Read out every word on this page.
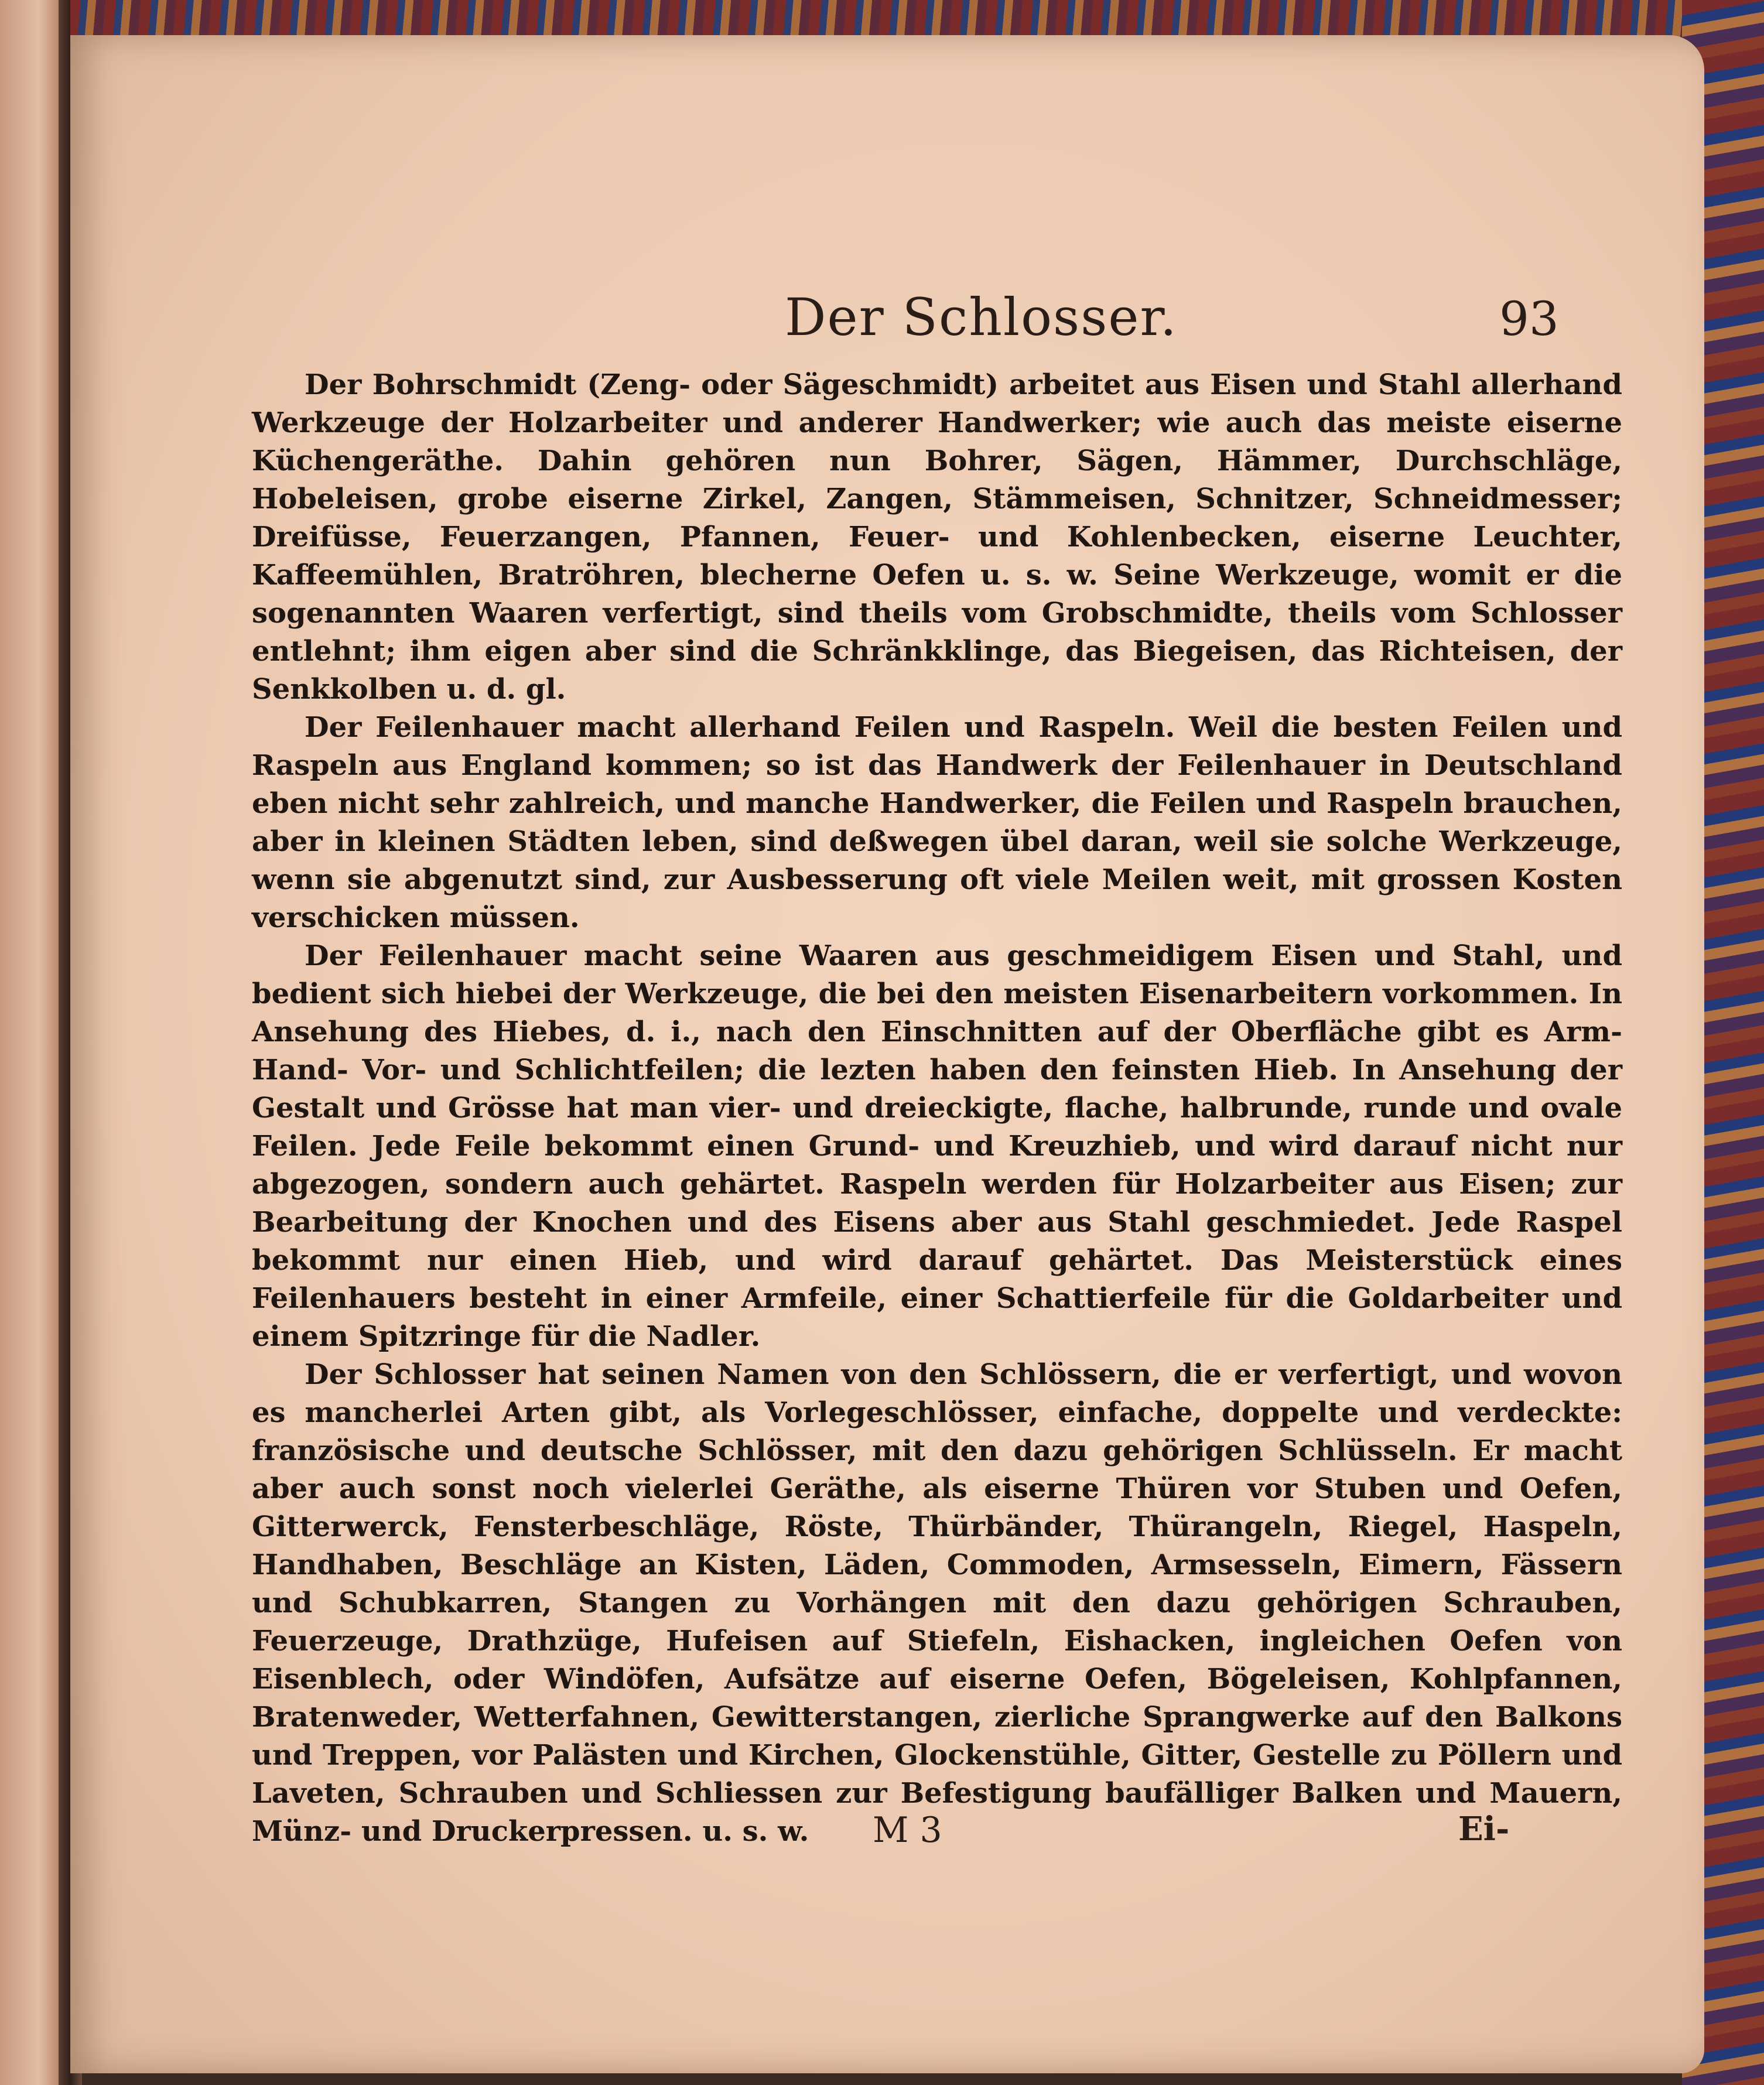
Der Schlosser.	93

Der Bohrschmidt (Zeng- oder Sägeschmidt) arbeitet aus Eisen und Stahl allerhand Werkzeuge der Holzarbeiter und anderer Handwerker; wie auch das meiste eiserne Küchengeräthe. Dahin gehören nun Bohrer, Sägen, Hämmer, Durchschläge, Hobeleisen, grobe eiserne Zirkel, Zangen, Stämmeisen, Schnitzer, Schneidmesser; Dreifüsse, Feuerzangen, Pfannen, Feuer- und Kohlenbecken, eiserne Leuchter, Kaffeemühlen, Bratröhren, blecherne Oefen u. s. w. Seine Werkzeuge, womit er die sogenannten Waaren verfertigt, sind theils vom Grobschmidte, theils vom Schlosser entlehnt; ihm eigen aber sind die Schränkklinge, das Biegeisen, das Richteisen, der Senkkolben u. d. gl.

Der Feilenhauer macht allerhand Feilen und Raspeln. Weil die besten Feilen und Raspeln aus England kommen; so ist das Handwerk der Feilenhauer in Deutschland eben nicht sehr zahlreich, und manche Handwerker, die Feilen und Raspeln brauchen, aber in kleinen Städten leben, sind deßwegen übel daran, weil sie solche Werkzeuge, wenn sie abgenutzt sind, zur Ausbesserung oft viele Meilen weit, mit grossen Kosten verschicken müssen.

Der Feilenhauer macht seine Waaren aus geschmeidigem Eisen und Stahl, und bedient sich hiebei der Werkzeuge, die bei den meisten Eisenarbeitern vorkommen. In Ansehung des Hiebes, d. i., nach den Einschnitten auf der Oberfläche gibt es Arm- Hand- Vor- und Schlichtfeilen; die lezten haben den feinsten Hieb. In Ansehung der Gestalt und Grösse hat man vier- und dreieckigte, flache, halbrunde, runde und ovale Feilen. Jede Feile bekommt einen Grund- und Kreuzhieb, und wird darauf nicht nur abgezogen, sondern auch gehärtet. Raspeln werden für Holzarbeiter aus Eisen; zur Bearbeitung der Knochen und des Eisens aber aus Stahl geschmiedet. Jede Raspel bekommt nur einen Hieb, und wird darauf gehärtet. Das Meisterstück eines Feilenhauers besteht in einer Armfeile, einer Schattierfeile für die Goldarbeiter und einem Spitzringe für die Nadler.

Der Schlosser hat seinen Namen von den Schlössern, die er verfertigt, und wovon es mancherlei Arten gibt, als Vorlegeschlösser, einfache, doppelte und verdeckte: französische und deutsche Schlösser, mit den dazu gehörigen Schlüsseln. Er macht aber auch sonst noch vielerlei Geräthe, als eiserne Thüren vor Stuben und Oefen, Gitterwerck, Fensterbeschläge, Röste, Thürbänder, Thürangeln, Riegel, Haspeln, Handhaben, Beschläge an Kisten, Läden, Commoden, Armsesseln, Eimern, Fässern und Schubkarren, Stangen zu Vorhängen mit den dazu gehörigen Schrauben, Feuerzeuge, Drathzüge, Hufeisen auf Stiefeln, Eishacken, ingleichen Oefen von Eisenblech, oder Windöfen, Aufsätze auf eiserne Oefen, Bögeleisen, Kohlpfannen, Bratenweder, Wetterfahnen, Gewitterstangen, zierliche Sprangwerke auf den Balkons und Treppen, vor Palästen und Kirchen, Glockenstühle, Gitter, Gestelle zu Pöllern und Laveten, Schrauben und Schliessen zur Befestigung baufälliger Balken und Mauern, Münz- und Druckerpressen. u. s. w.	M 3	Ei-
